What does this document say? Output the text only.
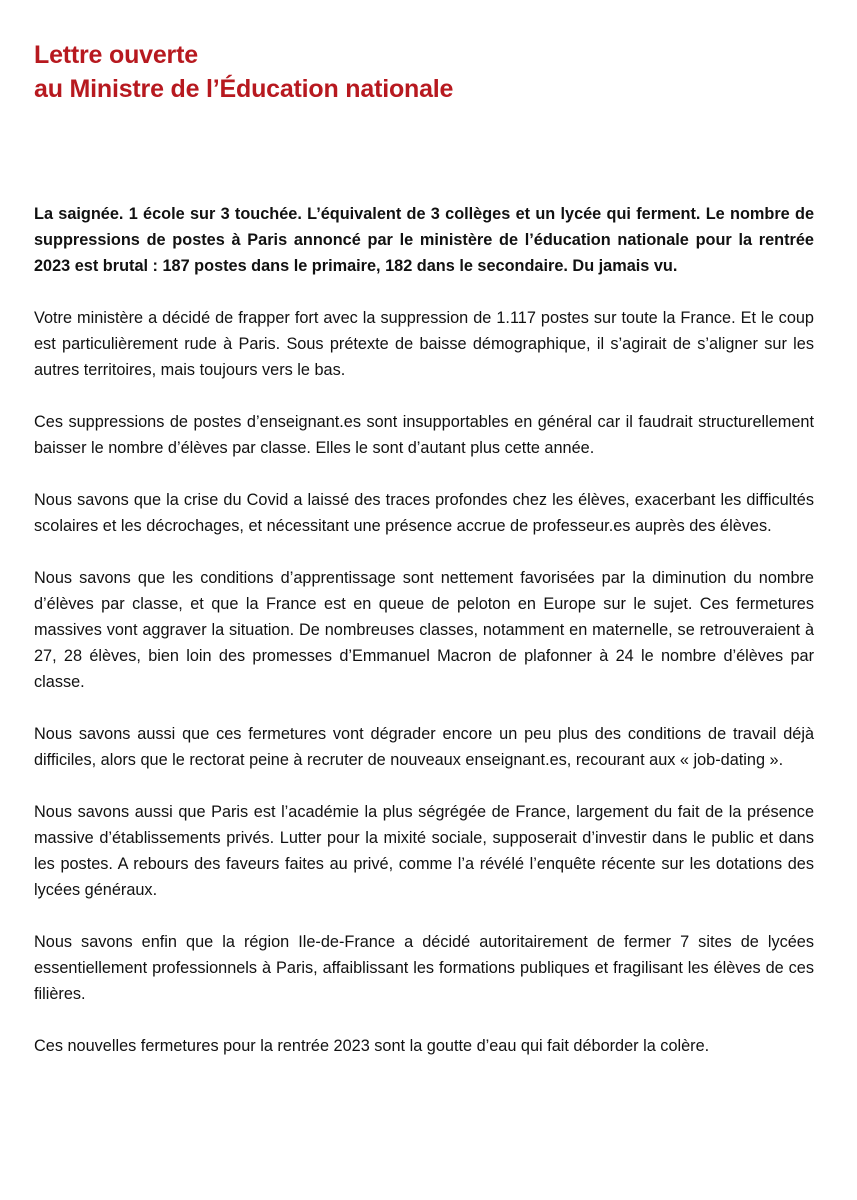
Lettre ouverte
au Ministre de l’Éducation nationale

La saignée. 1 école sur 3 touchée. L’équivalent de 3 collèges et un lycée qui ferment. Le nombre de suppressions de postes à Paris annoncé par le ministère de l’éducation nationale pour la rentrée 2023 est brutal : 187 postes dans le primaire, 182 dans le secondaire. Du jamais vu.

Votre ministère a décidé de frapper fort avec la suppression de 1.117 postes sur toute la France. Et le coup est particulièrement rude à Paris. Sous prétexte de baisse démographique, il s’agirait de s’aligner sur les autres territoires, mais toujours vers le bas.

Ces suppressions de postes d’enseignant.es sont insupportables en général car il faudrait structurellement baisser le nombre d’élèves par classe. Elles le sont d’autant plus cette année.

Nous savons que la crise du Covid a laissé des traces profondes chez les élèves, exacerbant les difficultés scolaires et les décrochages, et nécessitant une présence accrue de professeur.es auprès des élèves.

Nous savons que les conditions d’apprentissage sont nettement favorisées par la diminution du nombre d’élèves par classe, et que la France est en queue de peloton en Europe sur le sujet. Ces fermetures massives vont aggraver la situation. De nombreuses classes, notamment en maternelle, se retrouveraient à 27, 28 élèves, bien loin des promesses d’Emmanuel Macron de plafonner à 24 le nombre d’élèves par classe.

Nous savons aussi que ces fermetures vont dégrader encore un peu plus des conditions de travail déjà difficiles, alors que le rectorat peine à recruter de nouveaux enseignant.es, recourant aux « job-dating ».

Nous savons aussi que Paris est l’académie la plus ségrégée de France, largement du fait de la présence massive d’établissements privés. Lutter pour la mixité sociale, supposerait d’investir dans le public et dans les postes. A rebours des faveurs faites au privé, comme l’a révélé l’enquête récente sur les dotations des lycées généraux.

Nous savons enfin que la région Ile-de-France a décidé autoritairement de fermer 7 sites de lycées essentiellement professionnels à Paris, affaiblissant les formations publiques et fragilisant les élèves de ces filières.

Ces nouvelles fermetures pour la rentrée 2023 sont la goutte d’eau qui fait déborder la colère.
